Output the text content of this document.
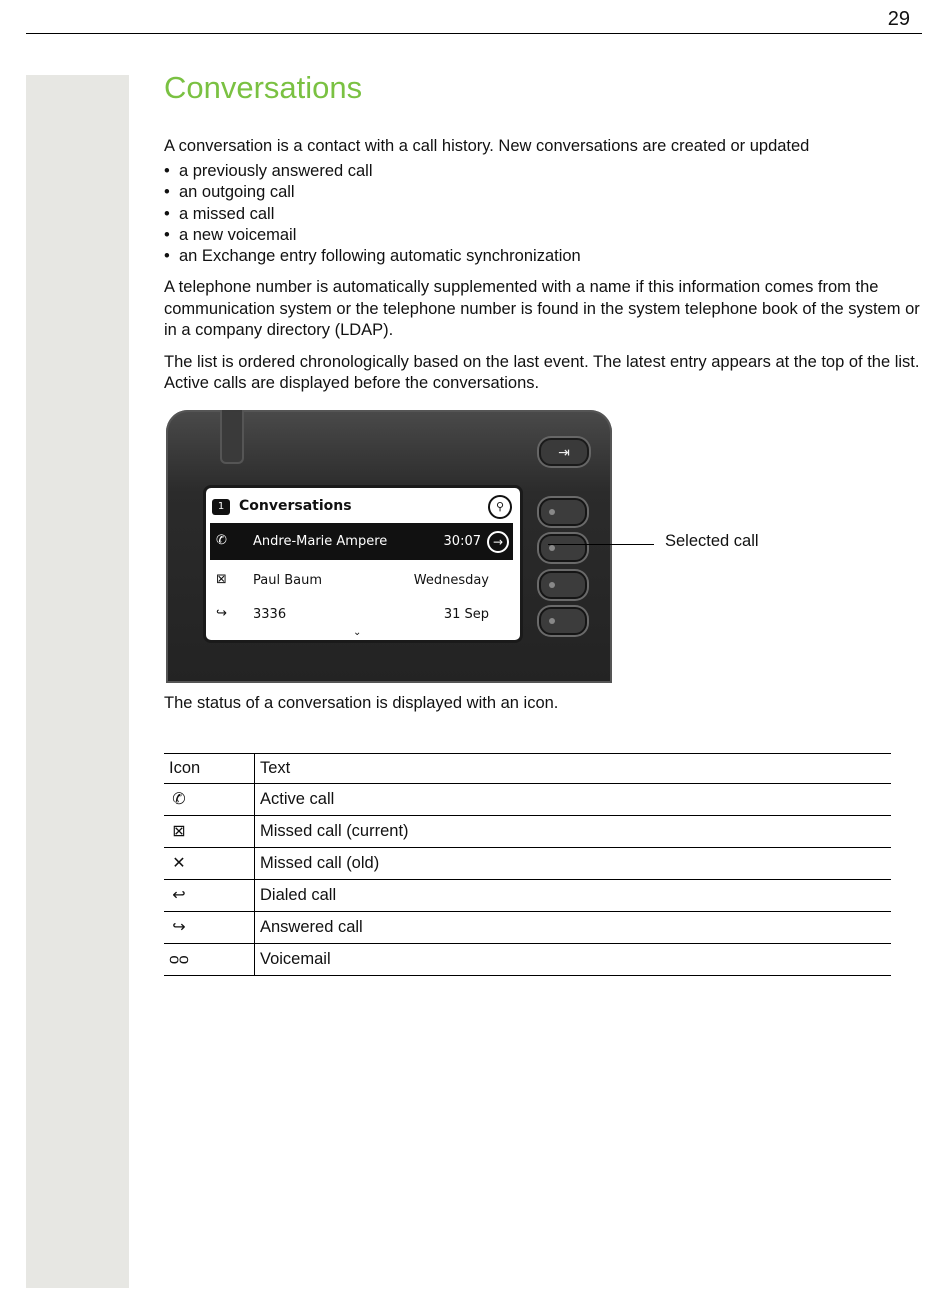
29
Conversations

A conversation is a contact with a call history. New conversations are created or updated

• a previously answered call
• an outgoing call
• a missed call
• a new voicemail
• an Exchange entry following automatic synchronization

A telephone number is automatically supplemented with a name if this information comes from the communication system or the telephone number is found in the system telephone book of the system or in a company directory (LDAP).

The list is ordered chronologically based on the last event. The latest entry appears at the top of the list. Active calls are displayed before the conversations.

⇥
1	Conversations	⚲
✆ Andre-Marie Ampere	30:07 →
⊠ Paul Baum	Wednesday
↪ 3336	31 Sep
⌄
Selected call
The status of a conversation is displayed with an icon.
Icon	Text
✆	Active call
⊠	Missed call (current)
✕	Missed call (old)
↩	Dialed call
↪	Answered call
ᴑᴑ	Voicemail
